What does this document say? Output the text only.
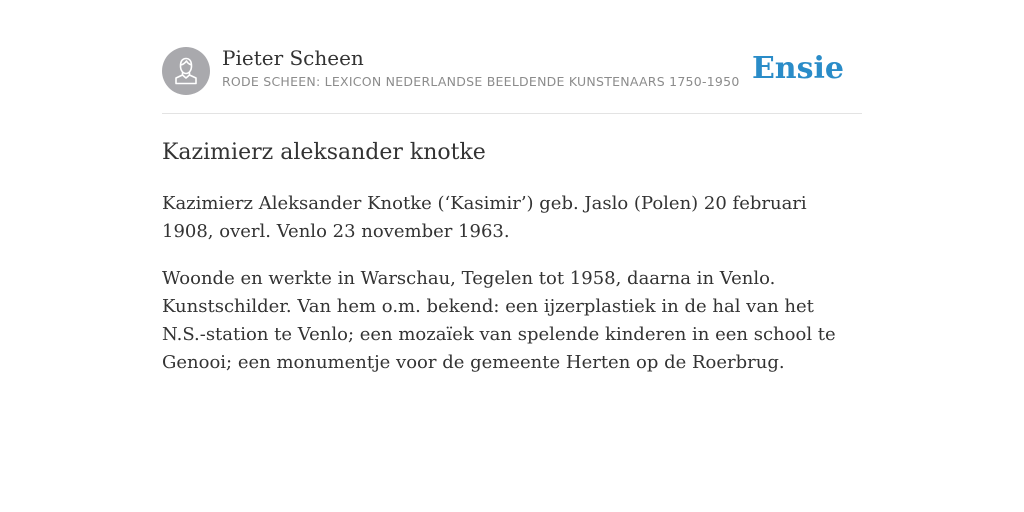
Pieter Scheen
RODE SCHEEN: LEXICON NEDERLANDSE BEELDENDE KUNSTENAARS 1750-1950 Ensie
Kazimierz aleksander knotke

Kazimierz Aleksander Knotke (‘Kasimir’) geb. Jaslo (Polen) 20 februari 1908, overl. Venlo 23 november 1963.

Woonde en werkte in Warschau, Tegelen tot 1958, daarna in Venlo. Kunstschilder. Van hem o.m. bekend: een ijzerplastiek in de hal van het N.S.-station te Venlo; een mozaïek van spelende kinderen in een school te Genooi; een monumentje voor de gemeente Herten op de Roerbrug.
